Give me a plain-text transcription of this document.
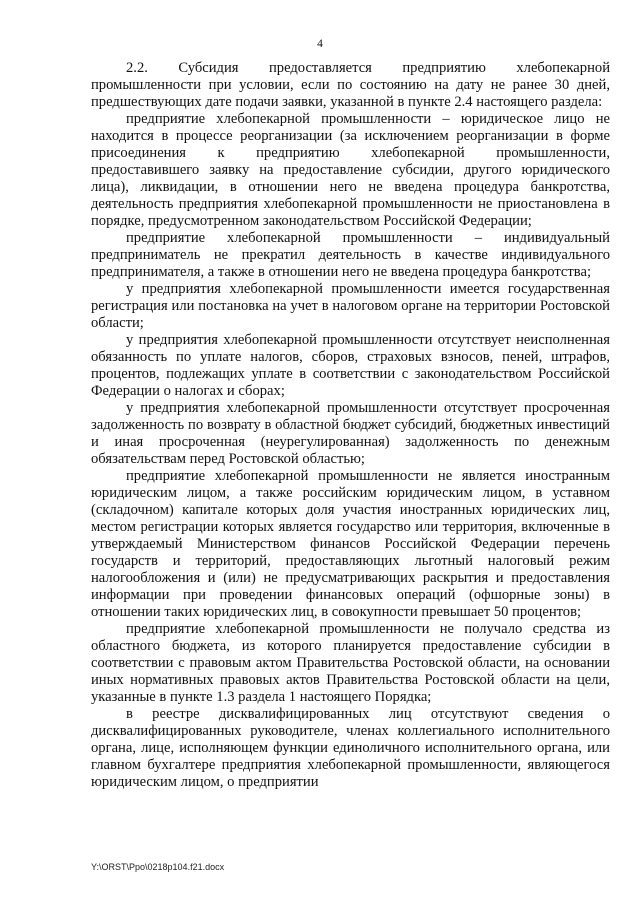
4

2.2. Субсидия предоставляется предприятию хлебопекарной промышленности при условии, если по состоянию на дату не ранее 30 дней, предшествующих дате подачи заявки, указанной в пункте 2.4 настоящего раздела:

предприятие хлебопекарной промышленности – юридическое лицо не находится в процессе реорганизации (за исключением реорганизации в форме присоединения к предприятию хлебопекарной промышленности, предоставившего заявку на предоставление субсидии, другого юридического лица), ликвидации, в отношении него не введена процедура банкротства, деятельность предприятия хлебопекарной промышленности не приостановлена в порядке, предусмотренном законодательством Российской Федерации;

предприятие хлебопекарной промышленности – индивидуальный предприниматель не прекратил деятельность в качестве индивидуального предпринимателя, а также в отношении него не введена процедура банкротства;

у предприятия хлебопекарной промышленности имеется государственная регистрация или постановка на учет в налоговом органе на территории Ростовской области;

у предприятия хлебопекарной промышленности отсутствует неисполненная обязанность по уплате налогов, сборов, страховых взносов, пеней, штрафов, процентов, подлежащих уплате в соответствии с законодательством Российской Федерации о налогах и сборах;

у предприятия хлебопекарной промышленности отсутствует просроченная задолженность по возврату в областной бюджет субсидий, бюджетных инвестиций и иная просроченная (неурегулированная) задолженность по денежным обязательствам перед Ростовской областью;

предприятие хлебопекарной промышленности не является иностранным юридическим лицом, а также российским юридическим лицом, в уставном (складочном) капитале которых доля участия иностранных юридических лиц, местом регистрации которых является государство или территория, включенные в утверждаемый Министерством финансов Российской Федерации перечень государств и территорий, предоставляющих льготный налоговый режим налогообложения и (или) не предусматривающих раскрытия и предоставления информации при проведении финансовых операций (офшорные зоны) в отношении таких юридических лиц, в совокупности превышает 50 процентов;

предприятие хлебопекарной промышленности не получало средства из областного бюджета, из которого планируется предоставление субсидии в соответствии с правовым актом Правительства Ростовской области, на основании иных нормативных правовых актов Правительства Ростовской области на цели, указанные в пункте 1.3 раздела 1 настоящего Порядка;

в реестре дисквалифицированных лиц отсутствуют сведения о дисквалифицированных руководителе, членах коллегиального исполнительного органа, лице, исполняющем функции единоличного исполнительного органа, или главном бухгалтере предприятия хлебопекарной промышленности, являющегося юридическим лицом, о предприятии

Y:\ORST\Ppo\0218p104.f21.docx
